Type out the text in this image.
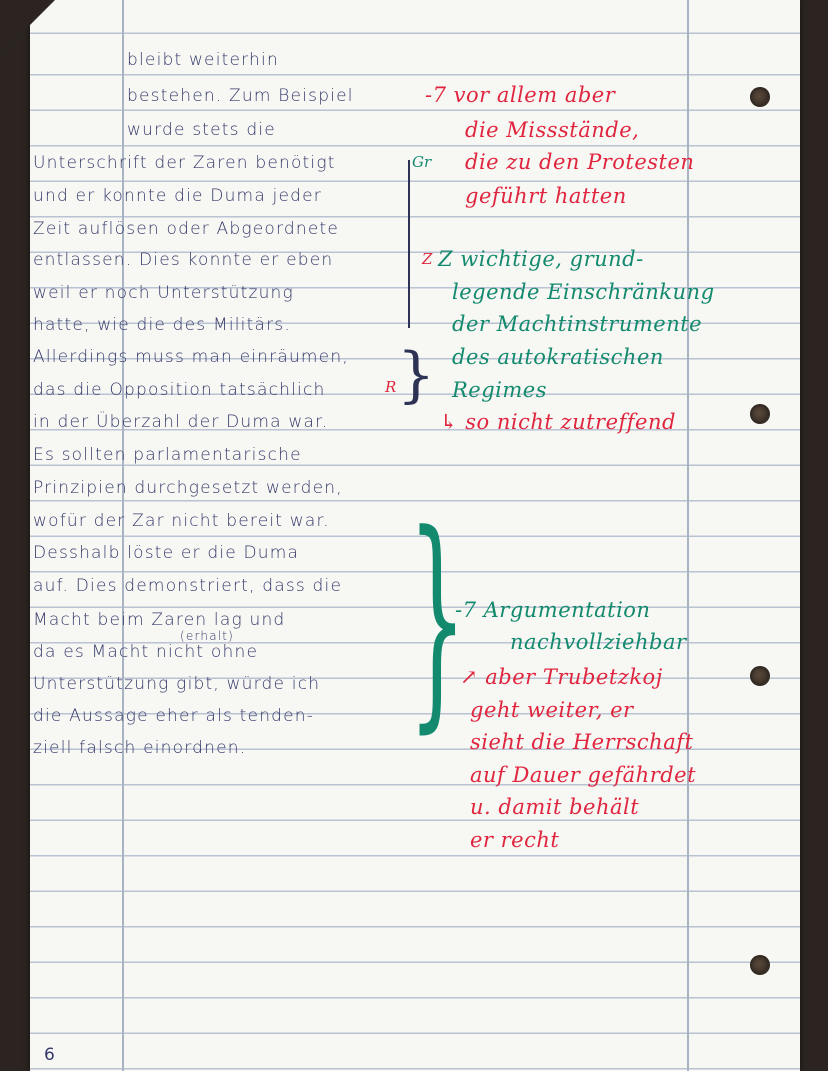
bleibt weiterhin
bestehen. Zum Beispiel
wurde stets die
Unterschrift der Zaren benötigt
und er konnte die Duma jeder
Zeit auflösen oder Abgeordnete
entlassen. Dies konnte er eben
weil er noch Unterstützung
hatte, wie die des Militärs.
Allerdings muss man einräumen,
das die Opposition tatsächlich
in der Überzahl der Duma war.
Es sollten parlamentarische
Prinzipien durchgesetzt werden,
wofür der Zar nicht bereit war.
Desshalb löste er die Duma
auf. Dies demonstriert, dass die
Macht beim Zaren lag und
(erhalt)
da es Macht nicht ohne
Unterstützung gibt, würde ich
die Aussage eher als tenden-
ziell falsch einordnen.
Gr
Z
R }
}
-7 vor allem aber
die Missstände,
die zu den Protesten
geführt hatten
Z wichtige, grund-
legende Einschränkung
der Machtinstrumente
des autokratischen
Regimes
↳ so nicht zutreffend
-7 Argumentation
nachvollziehbar
↗ aber Trubetzkoj
geht weiter, er
sieht die Herrschaft
auf Dauer gefährdet
u. damit behält
er recht
6
